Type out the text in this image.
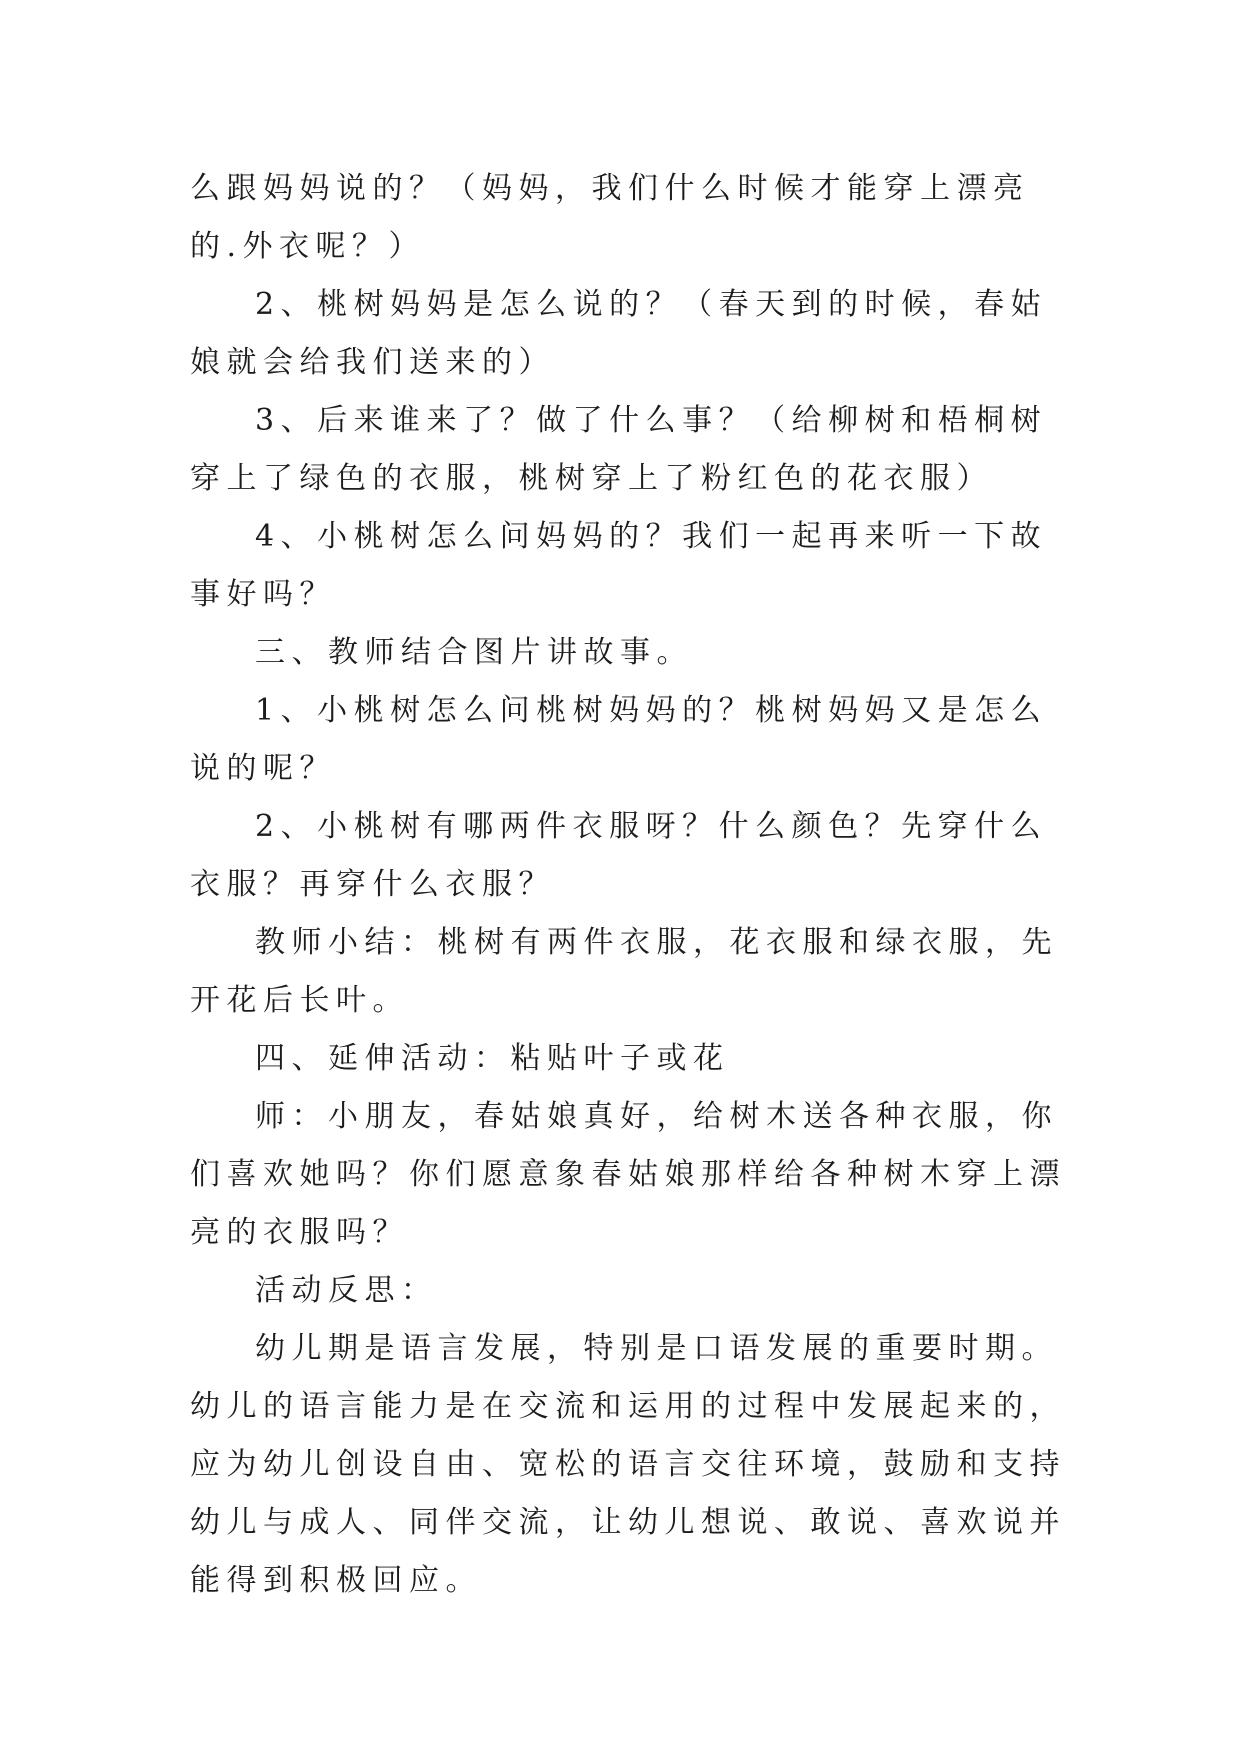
么跟妈妈说的？（妈妈，我们什么时候才能穿上漂亮的.外衣呢？）

2、桃树妈妈是怎么说的？（春天到的时候，春姑娘就会给我们送来的）

3、后来谁来了？做了什么事？（给柳树和梧桐树穿上了绿色的衣服，桃树穿上了粉红色的花衣服）

4、小桃树怎么问妈妈的？我们一起再来听一下故事好吗？

三、教师结合图片讲故事。

1、小桃树怎么问桃树妈妈的？桃树妈妈又是怎么说的呢？

2、小桃树有哪两件衣服呀？什么颜色？先穿什么衣服？再穿什么衣服？

教师小结：桃树有两件衣服，花衣服和绿衣服，先开花后长叶。

四、延伸活动：粘贴叶子或花

师：小朋友，春姑娘真好，给树木送各种衣服，你们喜欢她吗？你们愿意象春姑娘那样给各种树木穿上漂亮的衣服吗？

活动反思：

幼儿期是语言发展，特别是口语发展的重要时期。幼儿的语言能力是在交流和运用的过程中发展起来的，应为幼儿创设自由、宽松的语言交往环境，鼓励和支持幼儿与成人、同伴交流，让幼儿想说、敢说、喜欢说并能得到积极回应。
